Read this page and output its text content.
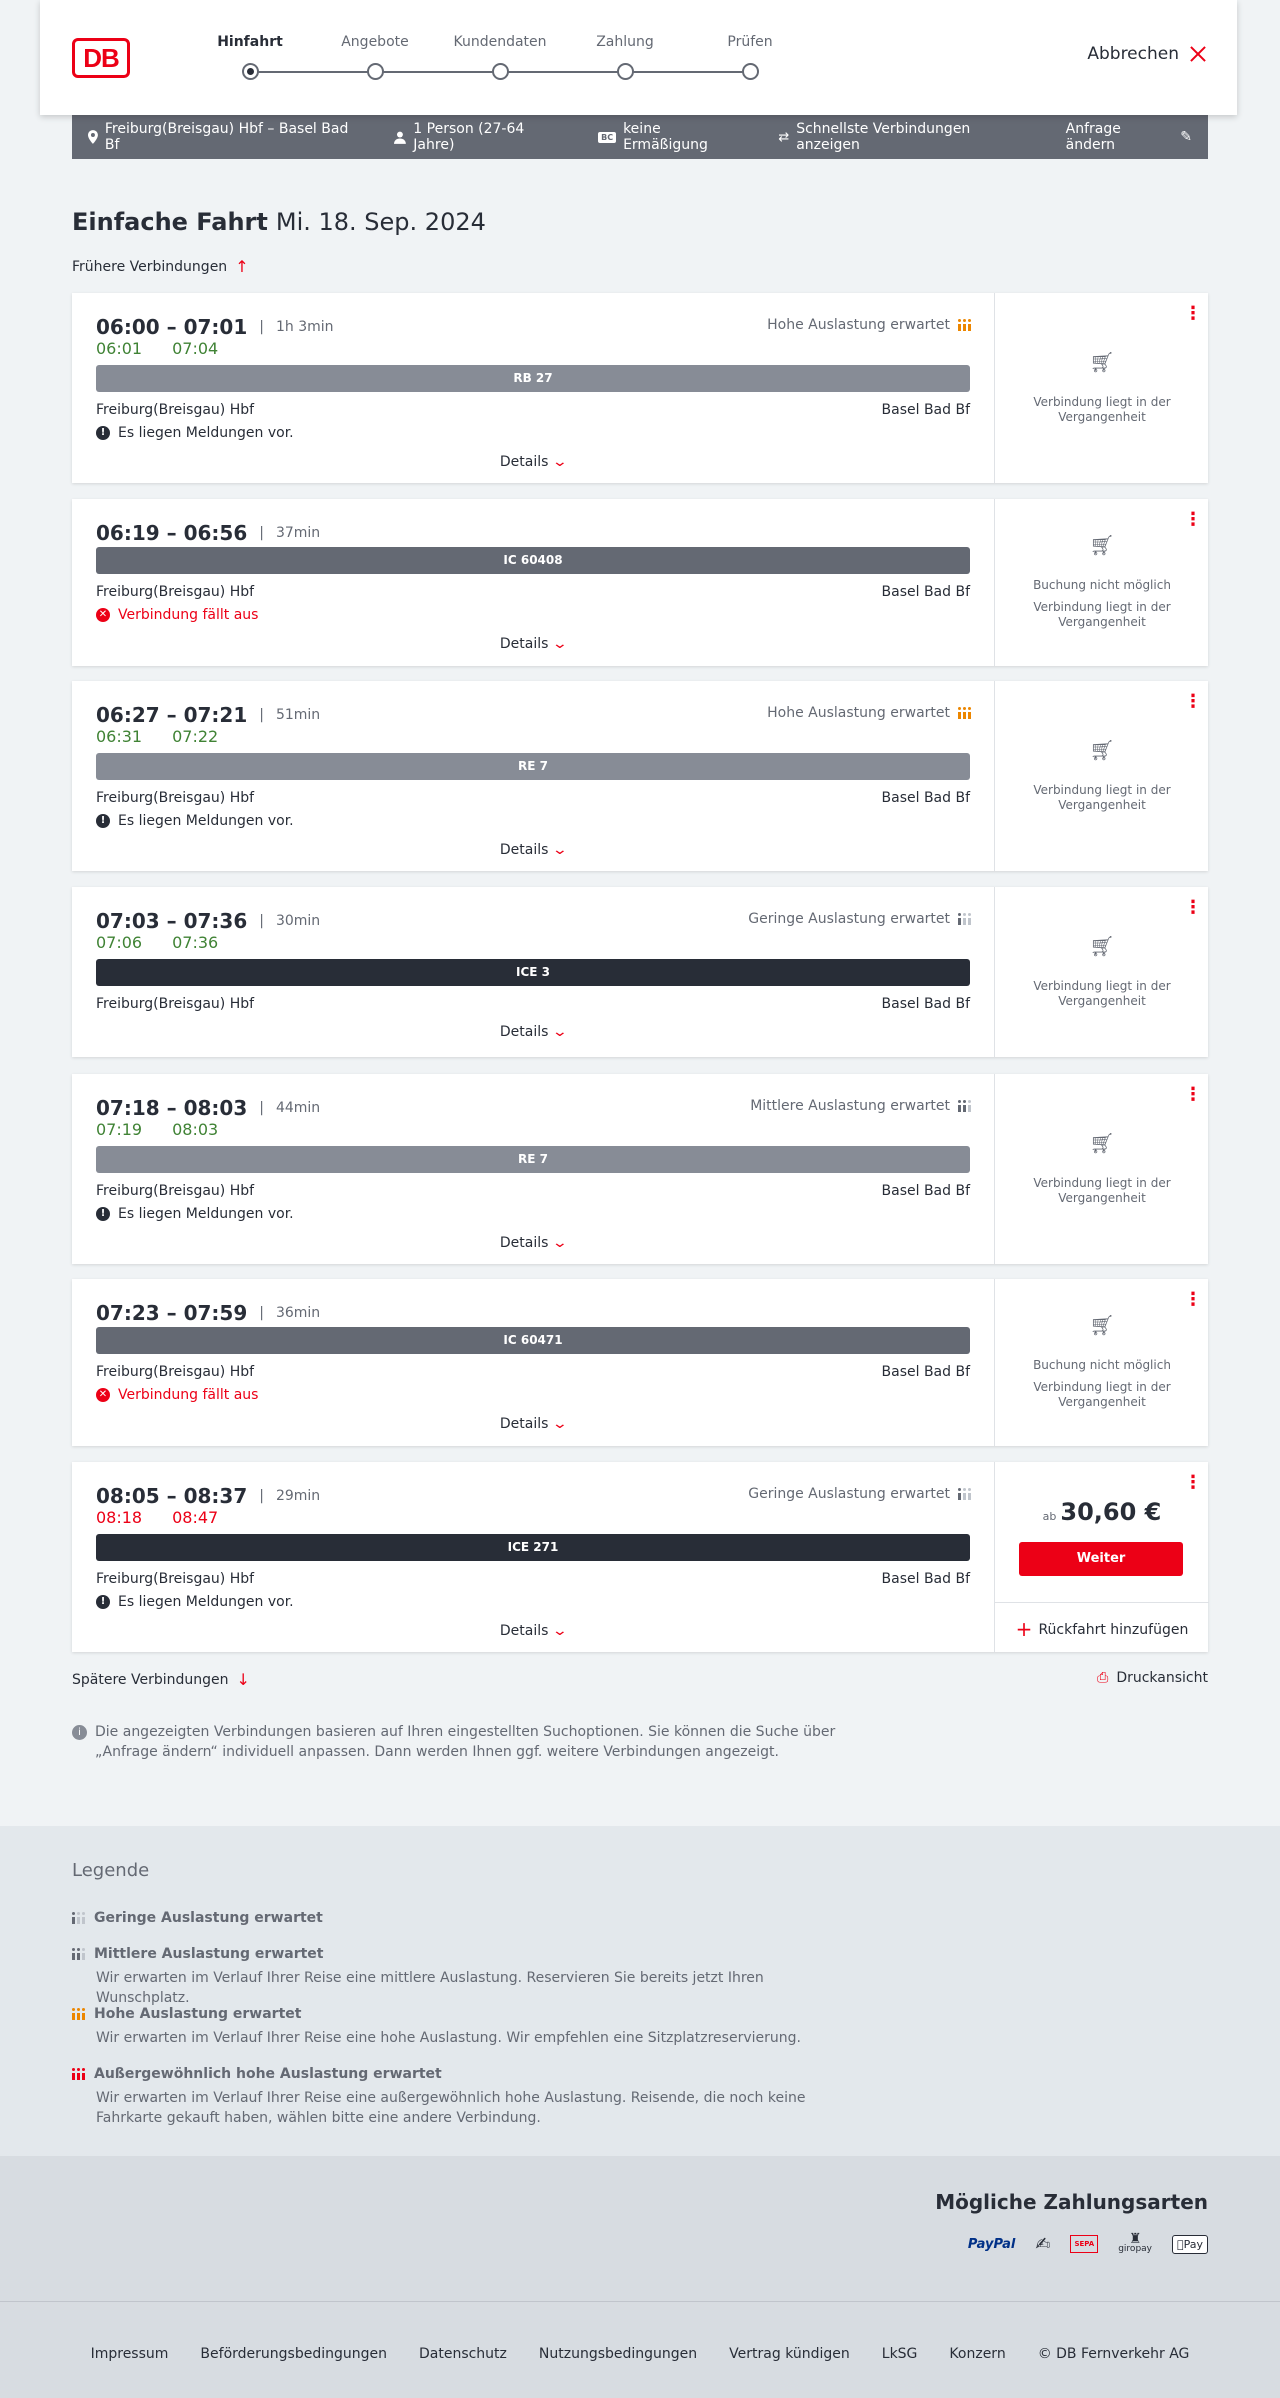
DB
Hinfahrt	Angebote	Kundendaten	Zahlung	Prüfen
Abbrechen
Freiburg(Breisgau) Hbf – Basel Bad Bf
1 Person (27-64 Jahre)	BC keine Ermäßigung	⇄ Schnellste Verbindungen anzeigen
Anfrage ändern	✎
Einfache Fahrt Mi. 18. Sep. 2024
Frühere Verbindungen ↑
06:00 – 07:01	| 1h 3min
06:01 07:04
Hohe Auslastung erwartet
RB 27
Freiburg(Breisgau) Hbf	Basel Bad Bf
! Es liegen Meldungen vor.
Details ⌄
⋮
🛒︎
Verbindung liegt in der Vergangenheit
06:19 – 06:56	| 37min
IC 60408
Freiburg(Breisgau) Hbf	Basel Bad Bf
✕ Verbindung fällt aus
Details ⌄
⋮
🛒︎
Buchung nicht möglich
Verbindung liegt in der Vergangenheit
06:27 – 07:21	| 51min
06:31 07:22
Hohe Auslastung erwartet
RE 7
Freiburg(Breisgau) Hbf	Basel Bad Bf
! Es liegen Meldungen vor.
Details ⌄
⋮
🛒︎
Verbindung liegt in der Vergangenheit
07:03 – 07:36	| 30min
07:06 07:36
Geringe Auslastung erwartet
ICE 3
Freiburg(Breisgau) Hbf	Basel Bad Bf
Details ⌄
⋮
🛒︎
Verbindung liegt in der Vergangenheit
07:18 – 08:03	| 44min
07:19 08:03
Mittlere Auslastung erwartet
RE 7
Freiburg(Breisgau) Hbf	Basel Bad Bf
! Es liegen Meldungen vor.
Details ⌄
⋮
🛒︎
Verbindung liegt in der Vergangenheit
07:23 – 07:59	| 36min
IC 60471
Freiburg(Breisgau) Hbf	Basel Bad Bf
✕ Verbindung fällt aus
Details ⌄
⋮
🛒︎
Buchung nicht möglich
Verbindung liegt in der Vergangenheit
08:05 – 08:37	| 29min
08:18 08:47
Geringe Auslastung erwartet
ICE 271
Freiburg(Breisgau) Hbf	Basel Bad Bf
! Es liegen Meldungen vor.
Details ⌄
⋮
ab 30,60 €
Weiter
+ Rückfahrt hinzufügen
Spätere Verbindungen ↓	⎙ Druckansicht
i	Die angezeigten Verbindungen basieren auf Ihren eingestellten Suchoptionen. Sie können die Suche über „Anfrage ändern“ individuell anpassen. Dann werden Ihnen ggf. weitere Verbindungen angezeigt.
Legende
Geringe Auslastung erwartet
Mittlere Auslastung erwartet
Wir erwarten im Verlauf Ihrer Reise eine mittlere Auslastung. Reservieren Sie bereits jetzt Ihren Wunschplatz.
Hohe Auslastung erwartet
Wir erwarten im Verlauf Ihrer Reise eine hohe Auslastung. Wir empfehlen eine Sitzplatzreservierung.
Außergewöhnlich hohe Auslastung erwartet
Wir erwarten im Verlauf Ihrer Reise eine außergewöhnlich hohe Auslastung. Reisende, die noch keine Fahrkarte gekauft haben, wählen bitte eine andere Verbindung.
Mögliche Zahlungsarten
PayPal	✍	SEPA	♜
giropay	Pay
Impressum Beförderungsbedingungen Datenschutz Nutzungsbedingungen Vertrag kündigen LkSG Konzern © DB Fernverkehr AG
